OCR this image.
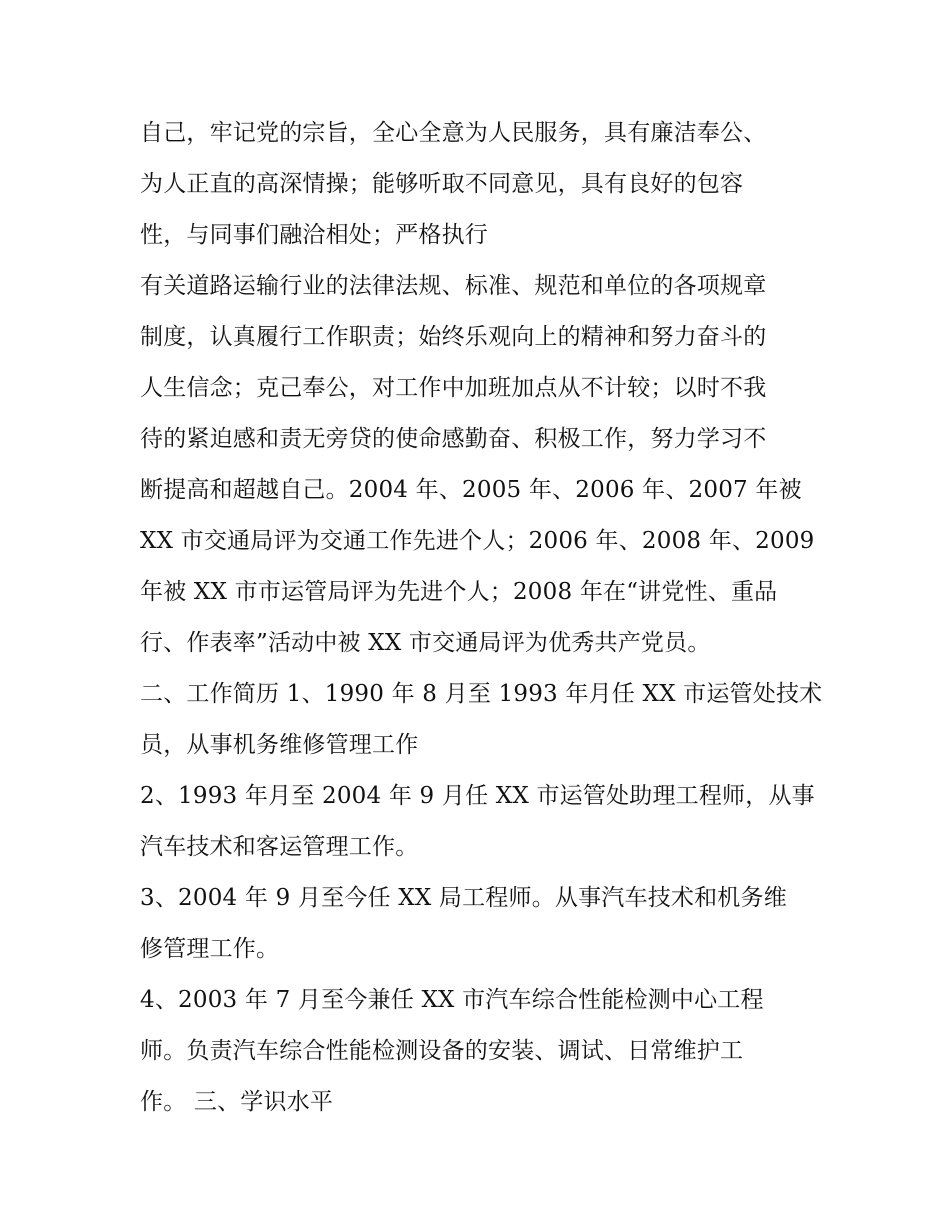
自己，牢记党的宗旨，全心全意为人民服务，具有廉洁奉公、
为人正直的高深情操；能够听取不同意见，具有良好的包容
性，与同事们融洽相处；严格执行
有关道路运输行业的法律法规、标准、规范和单位的各项规章
制度，认真履行工作职责；始终乐观向上的精神和努力奋斗的
人生信念；克己奉公，对工作中加班加点从不计较；以时不我
待的紧迫感和责无旁贷的使命感勤奋、积极工作，努力学习不
断提高和超越自己。2004 年、2005 年、2006 年、2007 年被
XX 市交通局评为交通工作先进个人；2006 年、2008 年、2009
年被 XX 市市运管局评为先进个人；2008 年在“讲党性、重品
行、作表率”活动中被 XX 市交通局评为优秀共产党员。
二、工作简历 1、1990 年 8 月至 1993 年月任 XX 市运管处技术
员，从事机务维修管理工作
2、1993 年月至 2004 年 9 月任 XX 市运管处助理工程师，从事
汽车技术和客运管理工作。
3、2004 年 9 月至今任 XX 局工程师。从事汽车技术和机务维
修管理工作。
4、2003 年 7 月至今兼任 XX 市汽车综合性能检测中心工程
师。负责汽车综合性能检测设备的安装、调试、日常维护工
作。 三、学识水平
